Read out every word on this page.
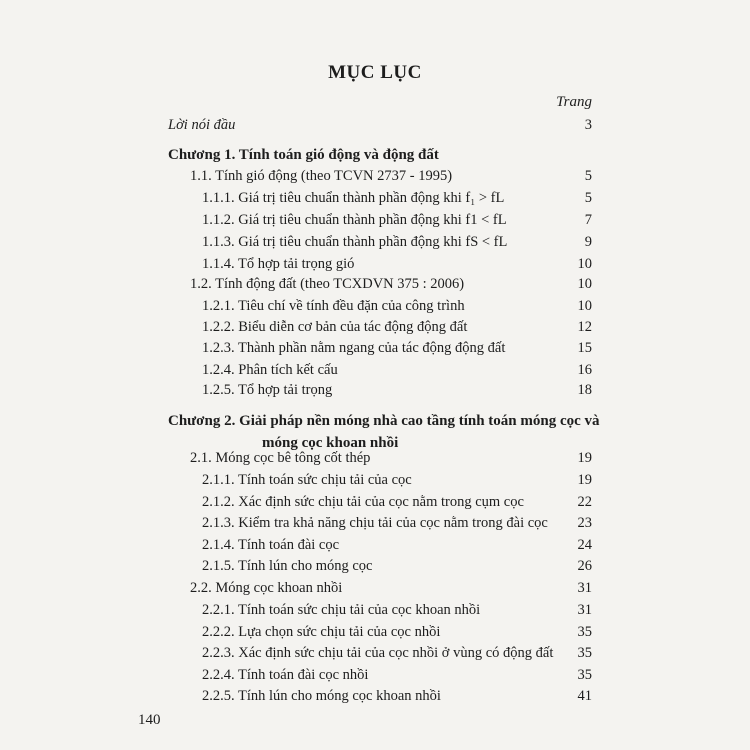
MỤC LỤC
Trang
Lời nói đầu	3
Chương 1. Tính toán gió động và động đất
1.1. Tính gió động (theo TCVN 2737 - 1995)	5
1.1.1. Giá trị tiêu chuẩn thành phần động khi f₁ > fL	5
1.1.2. Giá trị tiêu chuẩn thành phần động khi f1 < fL	7
1.1.3. Giá trị tiêu chuẩn thành phần động khi fS < fL	9
1.1.4. Tổ hợp tải trọng gió	10
1.2. Tính động đất (theo TCXDVN 375 : 2006)	10
1.2.1. Tiêu chí về tính đều đặn của công trình	10
1.2.2. Biểu diễn cơ bản của tác động động đất	12
1.2.3. Thành phần nằm ngang của tác động động đất	15
1.2.4. Phân tích kết cấu	16
1.2.5. Tổ hợp tải trọng	18
Chương 2. Giải pháp nền móng nhà cao tầng tính toán móng cọc và
móng cọc khoan nhồi
2.1. Móng cọc bê tông cốt thép	19
2.1.1. Tính toán sức chịu tải của cọc	19
2.1.2. Xác định sức chịu tải của cọc nằm trong cụm cọc	22
2.1.3. Kiểm tra khả năng chịu tải của cọc nằm trong đài cọc 23
2.1.4. Tính toán đài cọc	24
2.1.5. Tính lún cho móng cọc	26
2.2. Móng cọc khoan nhồi	31
2.2.1. Tính toán sức chịu tải của cọc khoan nhồi	31
2.2.2. Lựa chọn sức chịu tải của cọc nhồi	35
2.2.3. Xác định sức chịu tải của cọc nhồi ở vùng có động đất 35
2.2.4. Tính toán đài cọc nhồi	35
2.2.5. Tính lún cho móng cọc khoan nhồi	41
140
